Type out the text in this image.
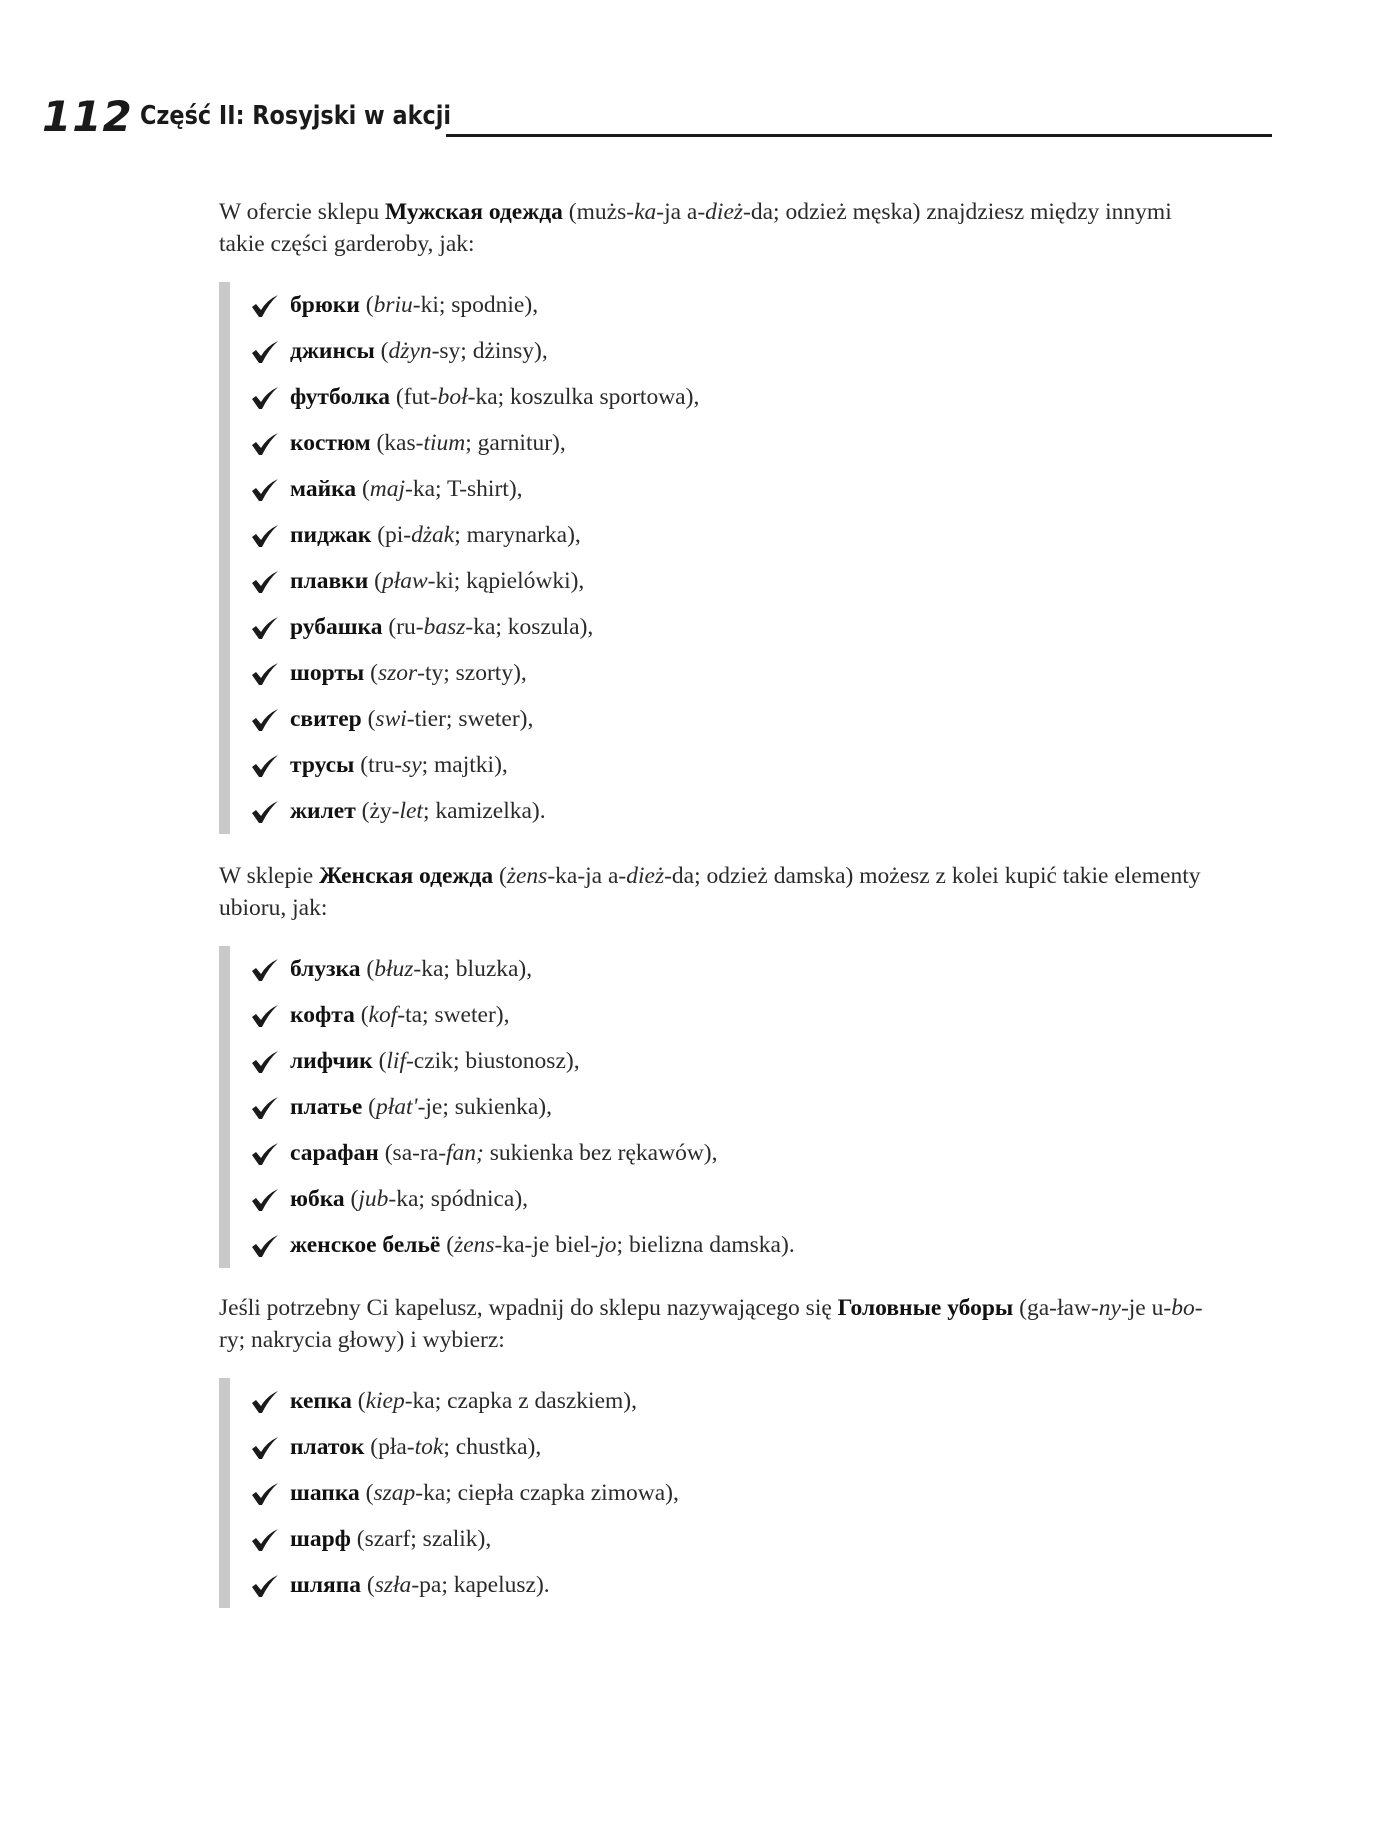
112 Część II: Rosyjski w akcji

W ofercie sklepu Мужская одежда (mużs-ka-ja a-dież-da; odzież męska) znajdziesz między innymi takie części garderoby, jak:

брюки (briu-ki; spodnie),
джинсы (dżyn-sy; dżinsy),
футболка (fut-boł-ka; koszulka sportowa),
костюм (kas-tium; garnitur),
майка (maj-ka; T-shirt),
пиджак (pi-dżak; marynarka),
плавки (pław-ki; kąpielówki),
рубашка (ru-basz-ka; koszula),
шорты (szor-ty; szorty),
свитер (swi-tier; sweter),
трусы (tru-sy; majtki),
жилет (ży-let; kamizelka).

W sklepie Женская одежда (żens-ka-ja a-dież-da; odzież damska) możesz z kolei kupić takie elementy ubioru, jak:

блузка (błuz-ka; bluzka),
кофта (kof-ta; sweter),
лифчик (lif-czik; biustonosz),
платье (płat'-je; sukienka),
сарафан (sa-ra-fan; sukienka bez rękawów),
юбка (jub-ka; spódnica),
женское бельё (żens-ka-je biel-jo; bielizna damska).

Jeśli potrzebny Ci kapelusz, wpadnij do sklepu nazywającego się Головные уборы (ga-ław-ny-je u-bo-ry; nakrycia głowy) i wybierz:

кепка (kiep-ka; czapka z daszkiem),
платок (pła-tok; chustka),
шапка (szap-ka; ciepła czapka zimowa),
шарф (szarf; szalik),
шляпа (szła-pa; kapelusz).
